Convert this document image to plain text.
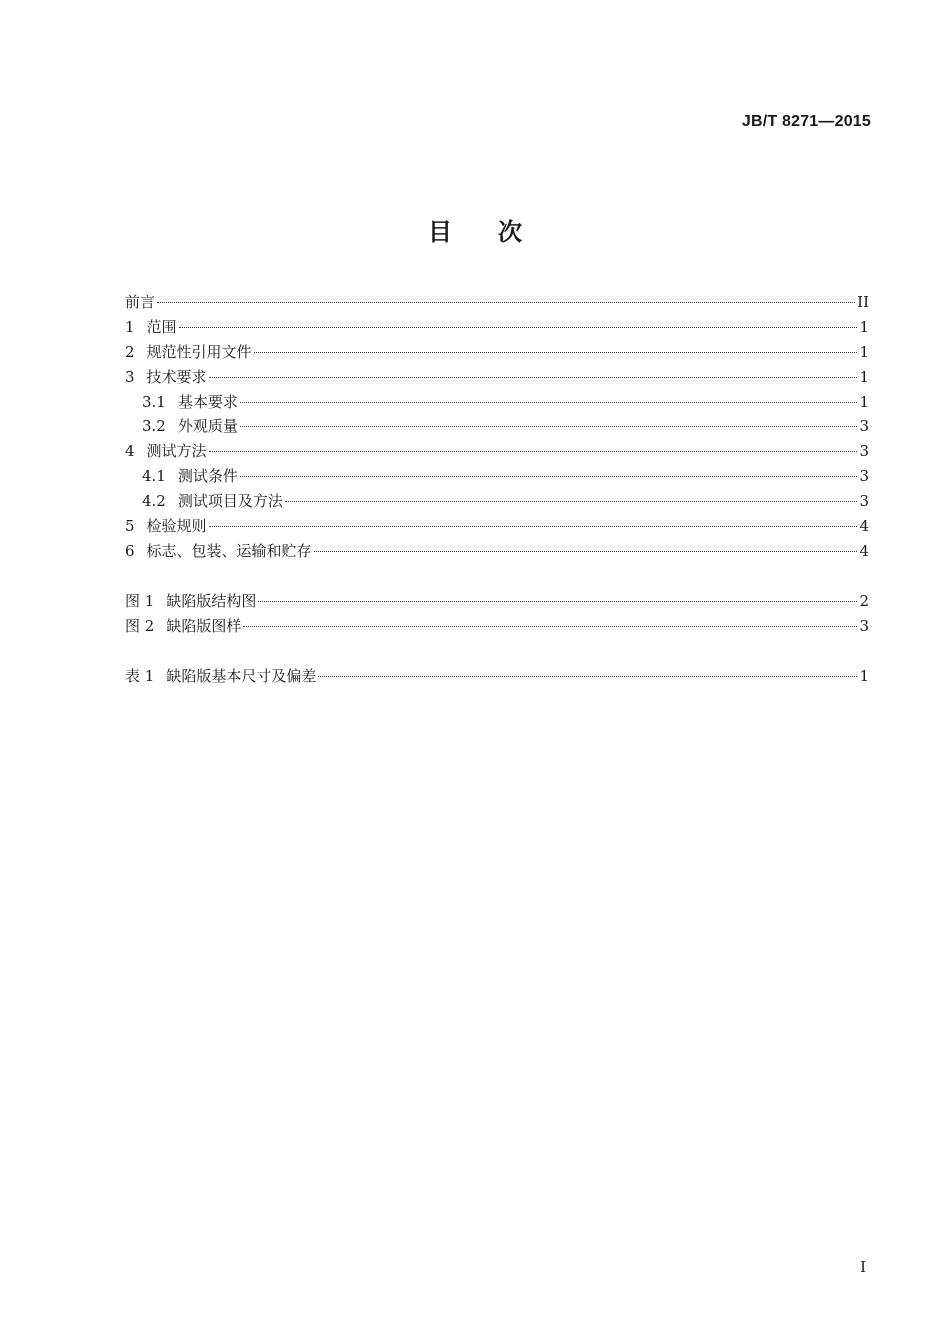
JB/T 8271—2015
目 次
前言	II
1 范围	1
2 规范性引用文件	1
3 技术要求	1
3.1 基本要求	1
3.2 外观质量	3
4 测试方法	3
4.1 测试条件	3
4.2 测试项目及方法	3
5 检验规则	4
6 标志、包装、运输和贮存	4
图 1 缺陷版结构图	2
图 2 缺陷版图样	3
表 1 缺陷版基本尺寸及偏差	1
I
